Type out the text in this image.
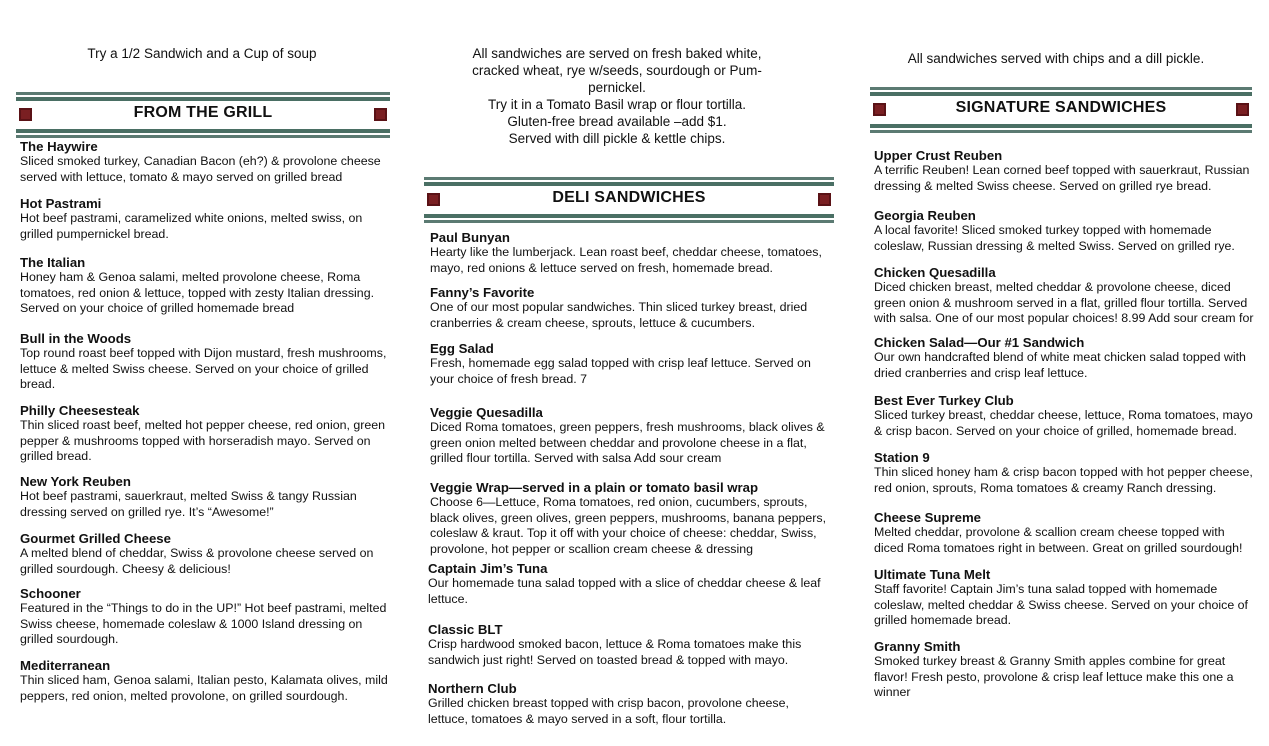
Try a 1/2 Sandwich and a Cup of soup
FROM THE GRILL
The Haywire
Sliced smoked turkey, Canadian Bacon (eh?) & provolone cheese served with lettuce, tomato & mayo served on grilled bread
Hot Pastrami
Hot beef pastrami, caramelized white onions, melted swiss, on grilled pumpernickel bread.
The Italian
Honey ham & Genoa salami, melted provolone cheese, Roma tomatoes, red onion & lettuce, topped with zesty Italian dressing. Served on your choice of grilled homemade bread
Bull in the Woods
Top round roast beef topped with Dijon mustard, fresh mushrooms, lettuce & melted Swiss cheese. Served on your choice of grilled bread.
Philly Cheesesteak
Thin sliced roast beef, melted hot pepper cheese, red onion, green pepper & mushrooms topped with horseradish mayo. Served on grilled bread.
New York Reuben
Hot beef pastrami, sauerkraut, melted Swiss & tangy Russian dressing served on grilled rye. It’s “Awesome!”
Gourmet Grilled Cheese
A melted blend of cheddar, Swiss & provolone cheese served on grilled sourdough. Cheesy & delicious!
Schooner
Featured in the “Things to do in the UP!” Hot beef pastrami, melted Swiss cheese, homemade coleslaw & 1000 Island dressing on grilled sourdough.
Mediterranean
Thin sliced ham, Genoa salami, Italian pesto, Kalamata olives, mild peppers, red onion, melted provolone, on grilled sourdough.
All sandwiches are served on fresh baked white,
cracked wheat, rye w/seeds, sourdough or Pum-
pernickel.
Try it in a Tomato Basil wrap or flour tortilla.
Gluten-free bread available –add $1.
Served with dill pickle & kettle chips.
DELI SANDWICHES
Paul Bunyan
Hearty like the lumberjack. Lean roast beef, cheddar cheese, tomatoes, mayo, red onions & lettuce served on fresh, homemade bread.
Fanny’s Favorite
One of our most popular sandwiches. Thin sliced turkey breast, dried cranberries & cream cheese, sprouts, lettuce & cucumbers.
Egg Salad
Fresh, homemade egg salad topped with crisp leaf lettuce. Served on your choice of fresh bread. 7
Veggie Quesadilla
Diced Roma tomatoes, green peppers, fresh mushrooms, black olives & green onion melted between cheddar and provolone cheese in a flat, grilled flour tortilla. Served with salsa Add sour cream
Veggie Wrap—served in a plain or tomato basil wrap
Choose 6—Lettuce, Roma tomatoes, red onion, cucumbers, sprouts, black olives, green olives, green peppers, mushrooms, banana peppers, coleslaw & kraut. Top it off with your choice of cheese: cheddar, Swiss, provolone, hot pepper or scallion cream cheese & dressing
Captain Jim’s Tuna
Our homemade tuna salad topped with a slice of cheddar cheese & leaf lettuce.
Classic BLT
Crisp hardwood smoked bacon, lettuce & Roma tomatoes make this sandwich just right! Served on toasted bread & topped with mayo.
Northern Club
Grilled chicken breast topped with crisp bacon, provolone cheese, lettuce, tomatoes & mayo served in a soft, flour tortilla.
All sandwiches served with chips and a dill pickle.
SIGNATURE SANDWICHES
Upper Crust Reuben
A terrific Reuben! Lean corned beef topped with sauerkraut, Russian dressing & melted Swiss cheese. Served on grilled rye bread.
Georgia Reuben
A local favorite! Sliced smoked turkey topped with homemade coleslaw, Russian dressing & melted Swiss. Served on grilled rye.
Chicken Quesadilla
Diced chicken breast, melted cheddar & provolone cheese, diced green onion & mushroom served in a flat, grilled flour tortilla. Served with salsa. One of our most popular choices! 8.99 Add sour cream for
Chicken Salad—Our #1 Sandwich
Our own handcrafted blend of white meat chicken salad topped with dried cranberries and crisp leaf lettuce.
Best Ever Turkey Club
Sliced turkey breast, cheddar cheese, lettuce, Roma tomatoes, mayo & crisp bacon. Served on your choice of grilled, homemade bread.
Station 9
Thin sliced honey ham & crisp bacon topped with hot pepper cheese, red onion, sprouts, Roma tomatoes & creamy Ranch dressing.
Cheese Supreme
Melted cheddar, provolone & scallion cream cheese topped with diced Roma tomatoes right in between. Great on grilled sourdough!
Ultimate Tuna Melt
Staff favorite! Captain Jim’s tuna salad topped with homemade coleslaw, melted cheddar & Swiss cheese. Served on your choice of grilled homemade bread.
Granny Smith
Smoked turkey breast & Granny Smith apples combine for great flavor! Fresh pesto, provolone & crisp leaf lettuce make this one a winner
